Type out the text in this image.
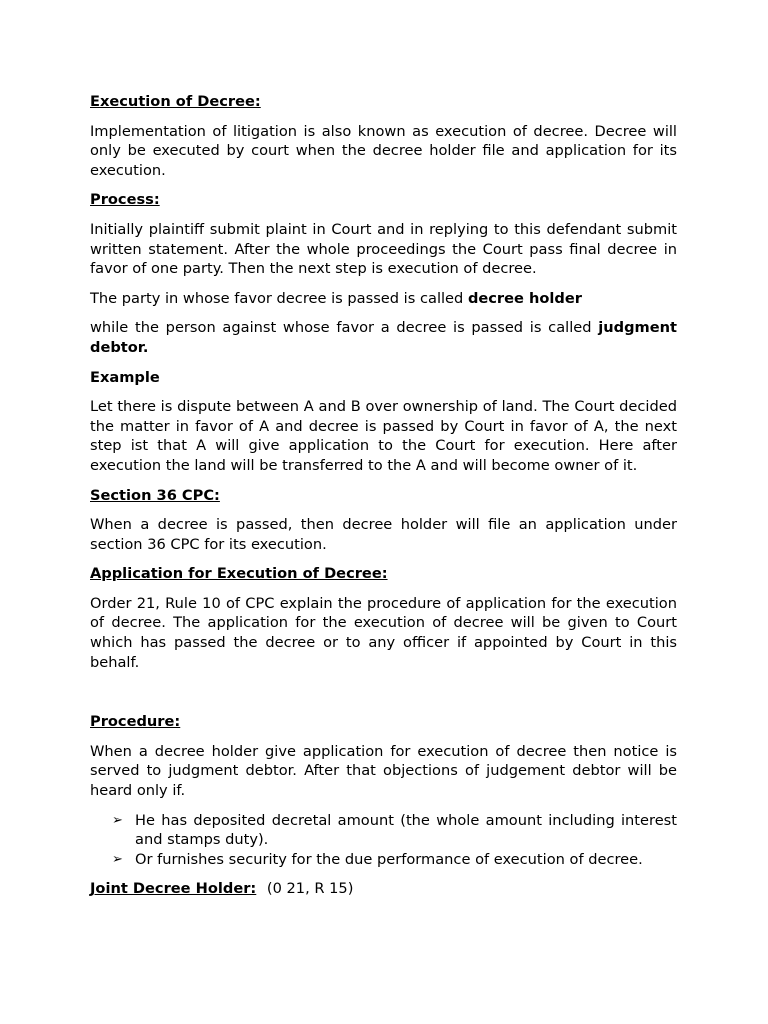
Execution of Decree:

Implementation of litigation is also known as execution of decree. Decree will only be executed by court when the decree holder file and application for its execution.

Process:

Initially plaintiff submit plaint in Court and in replying to this defendant submit written statement. After the whole proceedings the Court pass final decree in favor of one party. Then the next step is execution of decree.

The party in whose favor decree is passed is called decree holder

while the person against whose favor a decree is passed is called judgment debtor.

Example

Let there is dispute between A and B over ownership of land. The Court decided the matter in favor of A and decree is passed by Court in favor of A, the next step ist that A will give application to the Court for execution. Here after execution the land will be transferred to the A and will become owner of it.

Section 36 CPC:

When a decree is passed, then decree holder will file an application under section 36 CPC for its execution.

Application for Execution of Decree:

Order 21, Rule 10 of CPC explain the procedure of application for the execution of decree. The application for the execution of decree will be given to Court which has passed the decree or to any officer if appointed by Court in this behalf.

Procedure:

When a decree holder give application for execution of decree then notice is served to judgment debtor. After that objections of judgement debtor will be heard only if.

➢ He has deposited decretal amount (the whole amount including interest and stamps duty).
➢ Or furnishes security for the due performance of execution of decree.
Joint Decree Holder: (0 21, R 15)
